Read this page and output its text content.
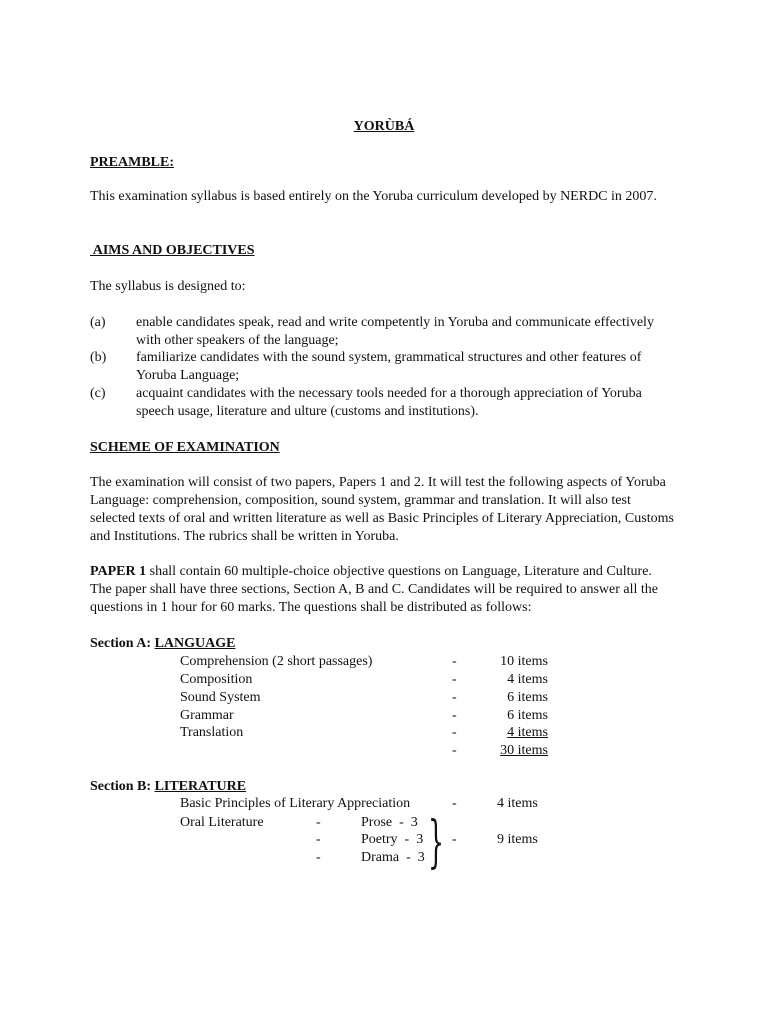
YORÙBÁ
PREAMBLE:
This examination syllabus is based entirely on the Yoruba curriculum developed by NERDC in 2007.
AIMS AND OBJECTIVES
The syllabus is designed to:
(a) enable candidates speak, read and write competently in Yoruba and communicate effectively with other speakers of the language;
(b) familiarize candidates with the sound system, grammatical structures and other features of Yoruba Language;
(c) acquaint candidates with the necessary tools needed for a thorough appreciation of Yoruba speech usage, literature and ulture (customs and institutions).
SCHEME OF EXAMINATION
The examination will consist of two papers, Papers 1 and 2. It will test the following aspects of Yoruba Language: comprehension, composition, sound system, grammar and translation. It will also test selected texts of oral and written literature as well as Basic Principles of Literary Appreciation, Customs and Institutions. The rubrics shall be written in Yoruba.
PAPER 1 shall contain 60 multiple-choice objective questions on Language, Literature and Culture. The paper shall have three sections, Section A, B and C. Candidates will be required to answer all the questions in 1 hour for 60 marks. The questions shall be distributed as follows:
Section A: LANGUAGE
Comprehension (2 short passages)	-	10 items
Composition	-	4 items
Sound System	-	6 items
Grammar	-	6 items
Translation	-	4 items
-	30 items
Section B: LITERATURE
Basic Principles of Literary Appreciation	-	4 items
Oral Literature	-	Prose  -  3
-	Poetry  -  3
-	Drama  -  3 } -	9 items
